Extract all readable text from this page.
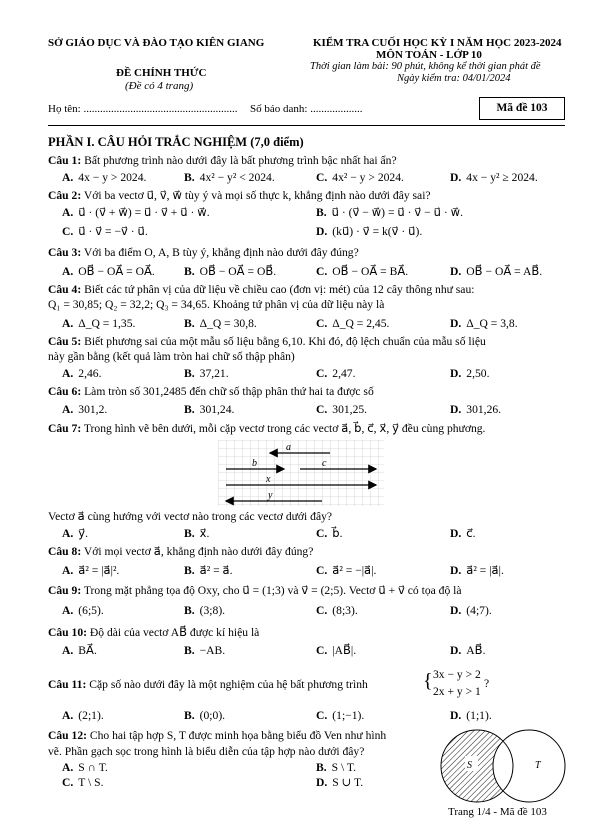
SỞ GIÁO DỤC VÀ ĐÀO TẠO KIÊN GIANG	KIỂM TRA CUỐI HỌC KỲ I NĂM HỌC 2023-2024
MÔN TOÁN - LỚP 10
ĐỀ CHÍNH THỨC
(Đề có 4 trang)
Thời gian làm bài: 90 phút, không kể thời gian phát đề
Ngày kiểm tra: 04/01/2024
Họ tên: ........................................................ Số báo danh: ...................	Mã đề 103
PHẦN I. CÂU HỎI TRẮC NGHIỆM (7,0 điểm)
Câu 1: Bất phương trình nào dưới đây là bất phương trình bậc nhất hai ẩn?
A. 4x − y > 2024.	B. 4x² − y² < 2024.	C. 4x² − y > 2024.	D. 4x − y² ≥ 2024.
Câu 2: Với ba vectơ u⃗, v⃗, w⃗ tùy ý và mọi số thực k, khẳng định nào dưới đây sai?
A. u⃗ · (v⃗ + w⃗) = u⃗ · v⃗ + u⃗ · w⃗.	B. u⃗ · (v⃗ − w⃗) = u⃗ · v⃗ − u⃗ · w⃗.
C. u⃗ · v⃗ = −v⃗ · u⃗.	D. (ku⃗) · v⃗ = k(v⃗ · u⃗).
Câu 3: Với ba điểm O, A, B tùy ý, khẳng định nào dưới đây đúng?
A. OB⃗ − OA⃗ = OA⃗.	B. OB⃗ − OA⃗ = OB⃗.	C. OB⃗ − OA⃗ = BA⃗.	D. OB⃗ − OA⃗ = AB⃗.
Câu 4: Biết các tứ phân vị của dữ liệu về chiều cao (đơn vị: mét) của 12 cây thông như sau:
Q₁ = 30,85; Q₂ = 32,2; Q₃ = 34,65. Khoảng tứ phân vị của dữ liệu này là
A. Δ_Q = 1,35.	B. Δ_Q = 30,8.	C. Δ_Q = 2,45.	D. Δ_Q = 3,8.
Câu 5: Biết phương sai của một mẫu số liệu bằng 6,10. Khi đó, độ lệch chuẩn của mẫu số liệu
này gần bằng (kết quả làm tròn hai chữ số thập phân)
A. 2,46.	B. 37,21.	C. 2,47.	D. 2,50.
Câu 6: Làm tròn số 301,2485 đến chữ số thập phân thứ hai ta được số
A. 301,2.	B. 301,24.	C. 301,25.	D. 301,26.
Câu 7: Trong hình vẽ bên dưới, mỗi cặp vectơ trong các vectơ a⃗, b⃗, c⃗, x⃗, y⃗ đều cùng phương.
a⃗
b⃗	c⃗
x⃗
y⃗
Vectơ a⃗ cùng hướng với vectơ nào trong các vectơ dưới đây?
A. y⃗.	B. x⃗.	C. b⃗.	D. c⃗.
Câu 8: Với mọi vectơ a⃗, khẳng định nào dưới đây đúng?
A. a⃗² = |a⃗|².	B. a⃗² = a⃗.	C. a⃗² = −|a⃗|.	D. a⃗² = |a⃗|.
Câu 9: Trong mặt phẳng tọa độ Oxy, cho u⃗ = (1;3) và v⃗ = (2;5). Vectơ u⃗ + v⃗ có tọa độ là
A. (6;5).	B. (3;8).	C. (8;3).	D. (4;7).
Câu 10: Độ dài của vectơ AB⃗ được kí hiệu là
A. BA⃗.	B. −AB.	C. |AB⃗|.	D. AB⃗.
Câu 11: Cặp số nào dưới đây là một nghiệm của hệ bất phương trình	{ 3x − y > 2
2x + y > 1
?
A. (2;1).	B. (0;0).	C. (1;−1).	D. (1;1).
Câu 12: Cho hai tập hợp S, T được minh họa bằng biểu đồ Ven như hình
vẽ. Phần gạch sọc trong hình là biểu diễn của tập hợp nào dưới đây?
A. S ∩ T.	B. S \ T.
C. T \ S.	D. S ∪ T.
S	T
Trang 1/4 - Mã đề 103
